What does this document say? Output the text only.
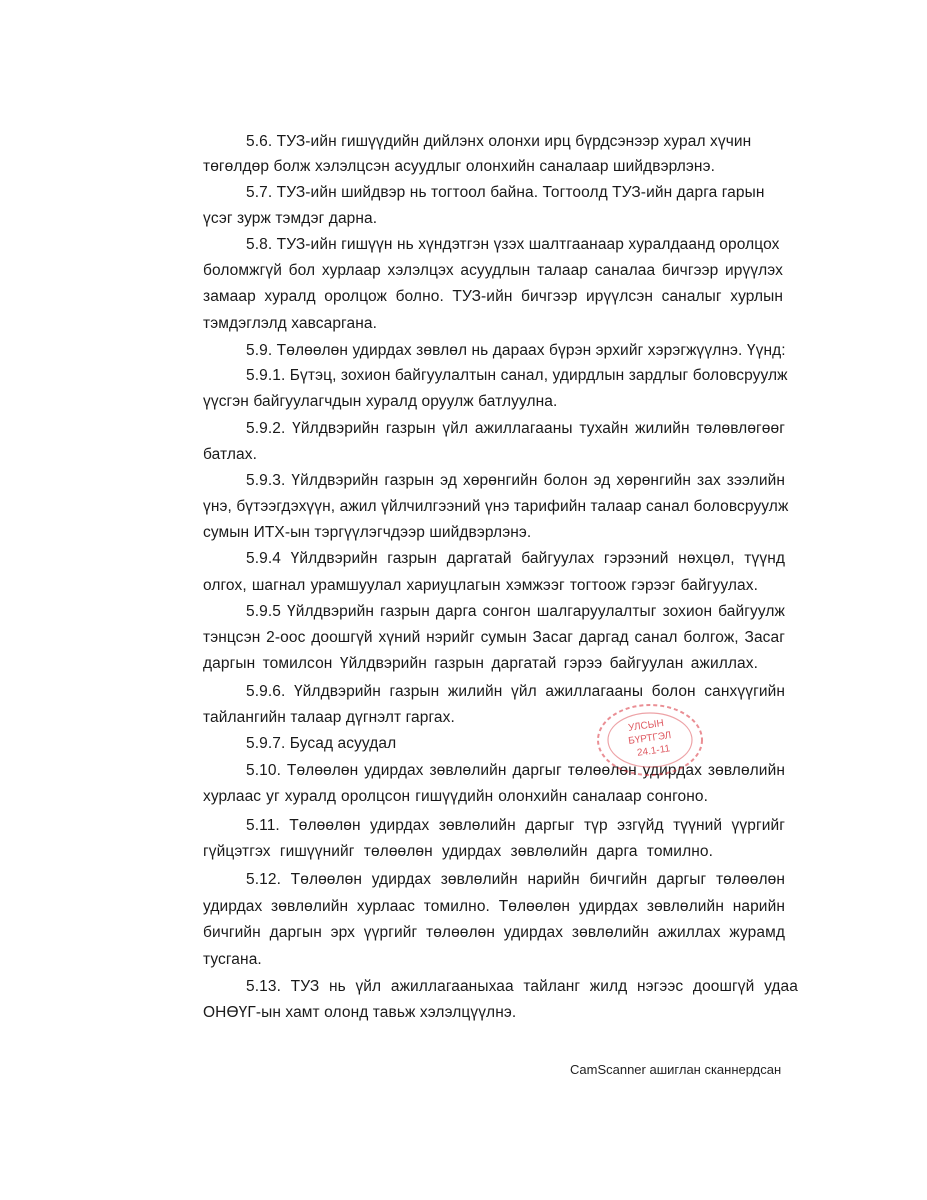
5.6. ТУЗ-ийн гишүүдийн дийлэнх олонхи ирц бүрдсэнээр хурал хүчин
төгөлдөр болж хэлэлцсэн асуудлыг олонхийн саналаар шийдвэрлэнэ.
5.7. ТУЗ-ийн шийдвэр нь тогтоол байна. Тогтоолд ТУЗ-ийн дарга гарын
үсэг зурж тэмдэг дарна.
5.8. ТУЗ-ийн гишүүн нь хүндэтгэн үзэх шалтгаанаар хуралдаанд оролцох
боломжгүй бол хурлаар хэлэлцэх асуудлын талаар саналаа бичгээр ирүүлэх
замаар хуралд оролцож болно. ТУЗ-ийн бичгээр ирүүлсэн саналыг хурлын
тэмдэглэлд хавсаргана.
5.9. Төлөөлөн удирдах зөвлөл нь дараах бүрэн эрхийг хэрэгжүүлнэ. Үүнд:
5.9.1. Бүтэц, зохион байгуулалтын санал, удирдлын зардлыг боловсруулж
үүсгэн байгуулагчдын хуралд оруулж батлуулна.
5.9.2. Үйлдвэрийн газрын үйл ажиллагааны тухайн жилийн төлөвлөгөөг
батлах.
5.9.3. Үйлдвэрийн газрын эд хөрөнгийн болон эд хөрөнгийн зах зээлийн
үнэ, бүтээгдэхүүн, ажил үйлчилгээний үнэ тарифийн талаар санал боловсруулж
сумын ИТХ-ын тэргүүлэгчдээр шийдвэрлэнэ.
5.9.4 Үйлдвэрийн газрын даргатай байгуулах гэрээний нөхцөл, түүнд
олгох, шагнал урамшуулал хариуцлагын хэмжээг тогтоож гэрээг байгуулах.
5.9.5 Үйлдвэрийн газрын дарга сонгон шалгаруулалтыг зохион байгуулж
тэнцсэн 2-оос доошгүй хүний нэрийг сумын Засаг даргад санал болгож, Засаг
даргын томилсон Үйлдвэрийн газрын даргатай гэрээ байгуулан ажиллах.
5.9.6. Үйлдвэрийн газрын жилийн үйл ажиллагааны болон санхүүгийн
тайлангийн талаар дүгнэлт гаргах.
5.9.7. Бусад асуудал
5.10. Төлөөлөн удирдах зөвлөлийн даргыг төлөөлөн удирдах зөвлөлийн
хурлаас уг хуралд оролцсон гишүүдийн олонхийн саналаар сонгоно.
5.11. Төлөөлөн удирдах зөвлөлийн даргыг түр эзгүйд түүний үүргийг
гүйцэтгэх гишүүнийг төлөөлөн удирдах зөвлөлийн дарга томилно.
5.12. Төлөөлөн удирдах зөвлөлийн нарийн бичгийн даргыг төлөөлөн
удирдах зөвлөлийн хурлаас томилно. Төлөөлөн удирдах зөвлөлийн нарийн
бичгийн даргын эрх үүргийг төлөөлөн удирдах зөвлөлийн ажиллах журамд
тусгана.
5.13. ТУЗ нь үйл ажиллагааныхаа тайланг жилд нэгээс доошгүй удаа
ОНӨҮГ-ын хамт олонд тавьж хэлэлцүүлнэ.
УЛСЫН
БҮРТГЭЛ
24.1-11
CamScanner ашиглан сканнердсан
